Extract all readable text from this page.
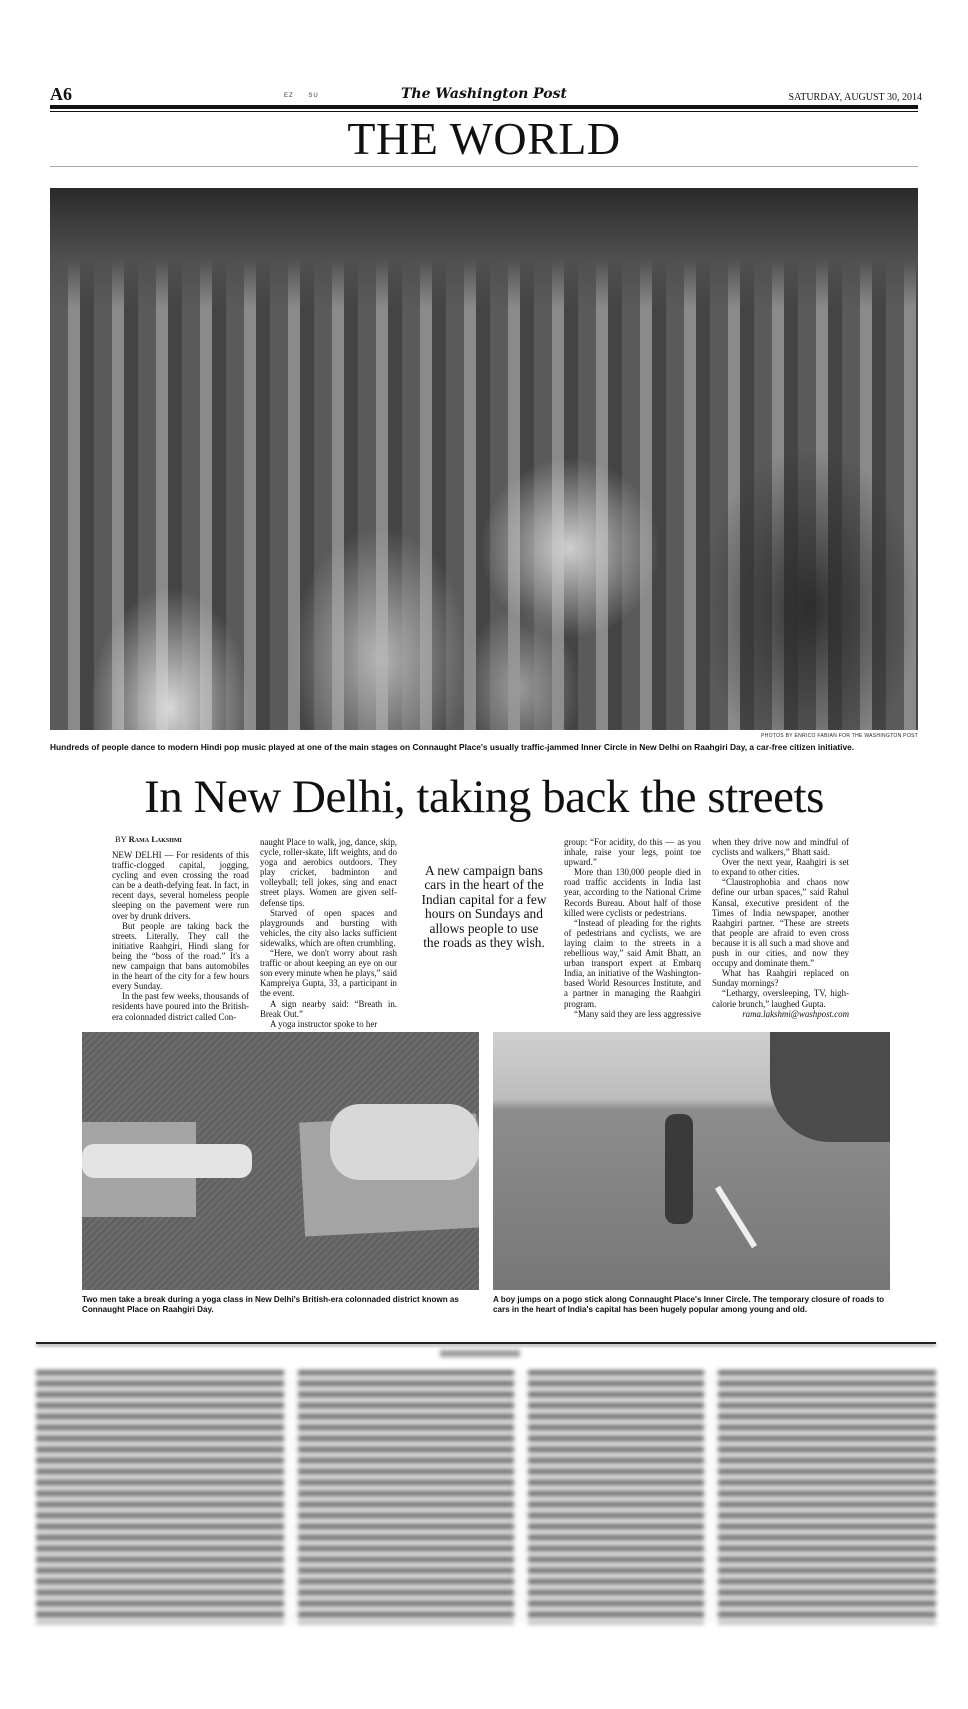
A6	EZ SU	The Washington Post	SATURDAY, AUGUST 30, 2014
THE WORLD
PHOTOS BY ENRICO FABIAN FOR THE WASHINGTON POST
Hundreds of people dance to modern Hindi pop music played at one of the main stages on Connaught Place's usually traffic-jammed Inner Circle in New Delhi on Raahgiri Day, a car-free citizen initiative.
In New Delhi, taking back the streets
BY Rama Lakshmi

NEW DELHI — For residents of this traffic-clogged capital, jogging, cycling and even crossing the road can be a death-defying feat. In fact, in recent days, several homeless people sleeping on the pavement were run over by drunk drivers.

But people are taking back the streets. Literally. They call the initiative Raahgiri, Hindi slang for being the “boss of the road.” It's a new campaign that bans automobiles in the heart of the city for a few hours every Sunday.

In the past few weeks, thousands of residents have poured into the British-era colonnaded district called Con-

naught Place to walk, jog, dance, skip, cycle, roller-skate, lift weights, and do yoga and aerobics outdoors. They play cricket, badminton and volleyball; tell jokes, sing and enact street plays. Women are given self-defense tips.

Starved of open spaces and playgrounds and bursting with vehicles, the city also lacks sufficient sidewalks, which are often crumbling.

“Here, we don't worry about rash traffic or about keeping an eye on our son every minute when he plays,” said Kampreiya Gupta, 33, a participant in the event.

A sign nearby said: “Breath in. Break Out.”

A yoga instructor spoke to her

A new campaign bans cars in the heart of the Indian capital for a few hours on Sundays and allows people to use the roads as they wish.

group: “For acidity, do this — as you inhale, raise your legs, point toe upward.”

More than 130,000 people died in road traffic accidents in India last year, according to the National Crime Records Bureau. About half of those killed were cyclists or pedestrians.

“Instead of pleading for the rights of pedestrians and cyclists, we are laying claim to the streets in a rebellious way,” said Amit Bhatt, an urban transport expert at Embarq India, an initiative of the Washington-based World Resources Institute, and a partner in managing the Raahgiri program.

“Many said they are less aggressive

when they drive now and mindful of cyclists and walkers,” Bhatt said.

Over the next year, Raahgiri is set to expand to other cities.

“Claustrophobia and chaos now define our urban spaces,” said Rahul Kansal, executive president of the Times of India newspaper, another Raahgiri partner. “These are streets that people are afraid to even cross because it is all such a mad shove and push in our cities, and now they occupy and dominate them.”

What has Raahgiri replaced on Sunday mornings?

“Lethargy, oversleeping, TV, high-calorie brunch,” laughed Gupta.

rama.lakshmi@washpost.com

Two men take a break during a yoga class in New Delhi's British-era colonnaded district known as Connaught Place on Raahgiri Day.
A boy jumps on a pogo stick along Connaught Place's Inner Circle. The temporary closure of roads to cars in the heart of India's capital has been hugely popular among young and old.
